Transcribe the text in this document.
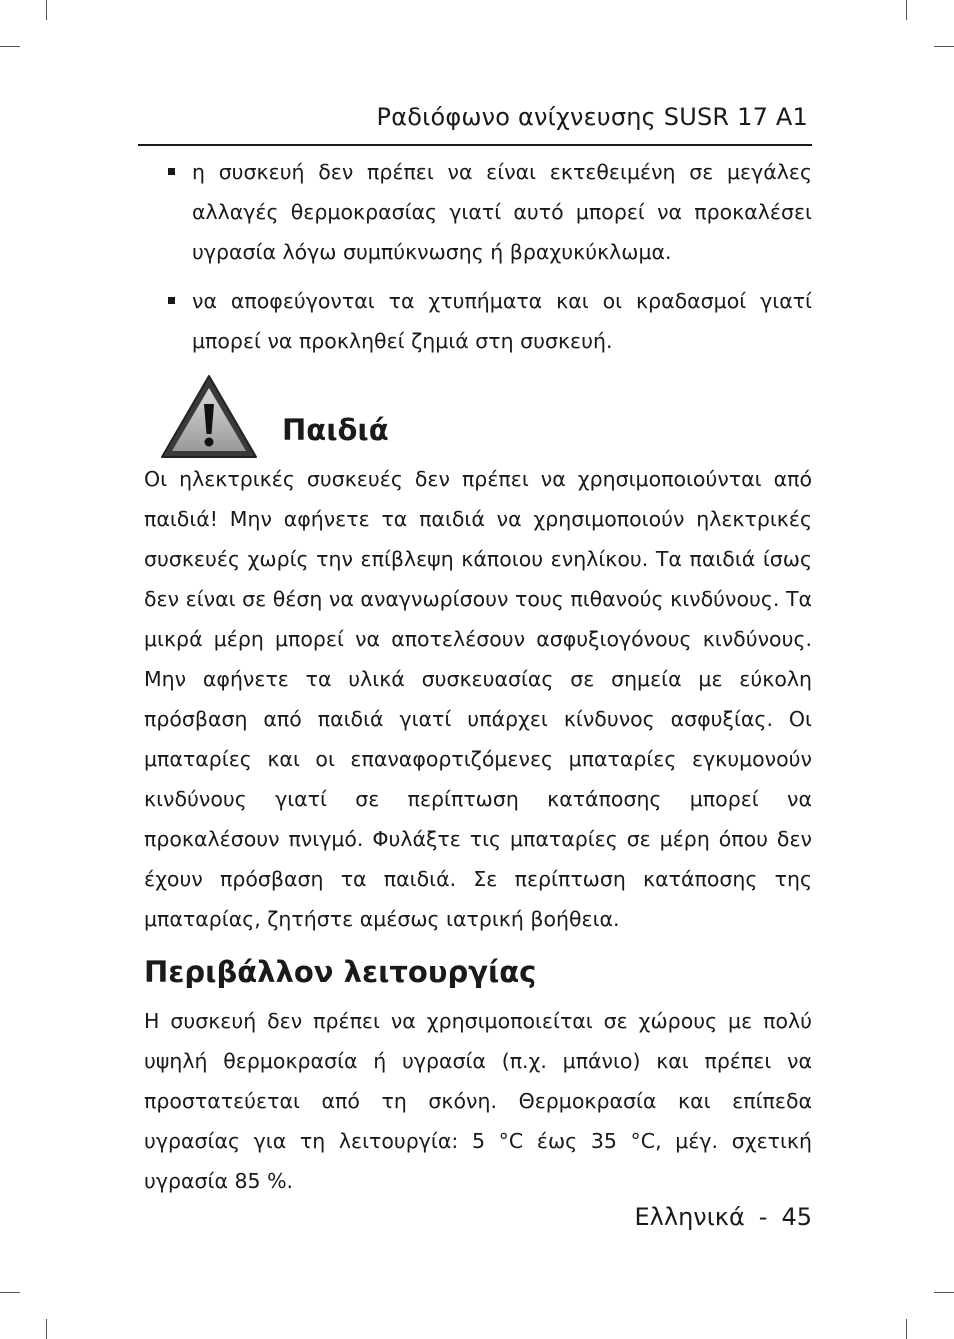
Ραδιόφωνο ανίχνευσης SUSR 17 A1

η συσκευή δεν πρέπει να είναι εκτεθειμένη σε μεγάλες αλλαγές θερμοκρασίας γιατί αυτό μπορεί να προκαλέσει υγρασία λόγω συμπύκνωσης ή βραχυκύκλωμα.

να αποφεύγονται τα χτυπήματα και οι κραδασμοί γιατί μπορεί να προκληθεί ζημιά στη συσκευή.

Παιδιά

Οι ηλεκτρικές συσκευές δεν πρέπει να χρησιμοποιούνται από παιδιά! Μην αφήνετε τα παιδιά να χρησιμοποιούν ηλεκτρικές συσκευές χωρίς την επίβλεψη κάποιου ενηλίκου. Τα παιδιά ίσως δεν είναι σε θέση να αναγνωρίσουν τους πιθανούς κινδύνους. Τα μικρά μέρη μπορεί να αποτελέσουν ασφυξιογόνους κινδύνους. Μην αφήνετε τα υλικά συσκευασίας σε σημεία με εύκολη πρόσβαση από παιδιά γιατί υπάρχει κίνδυνος ασφυξίας. Οι μπαταρίες και οι επαναφορτιζόμενες μπαταρίες εγκυμονούν κινδύνους γιατί σε περίπτωση κατάποσης μπορεί να προκαλέσουν πνιγμό. Φυλάξτε τις μπαταρίες σε μέρη όπου δεν έχουν πρόσβαση τα παιδιά. Σε περίπτωση κατάποσης της μπαταρίας, ζητήστε αμέσως ιατρική βοήθεια.

Περιβάλλον λειτουργίας

Η συσκευή δεν πρέπει να χρησιμοποιείται σε χώρους με πολύ υψηλή θερμοκρασία ή υγρασία (π.χ. μπάνιο) και πρέπει να προστατεύεται από τη σκόνη. Θερμοκρασία και επίπεδα υγρασίας για τη λειτουργία: 5 °C έως 35 °C, μέγ. σχετική υγρασία 85 %.

Ελληνικά - 45
